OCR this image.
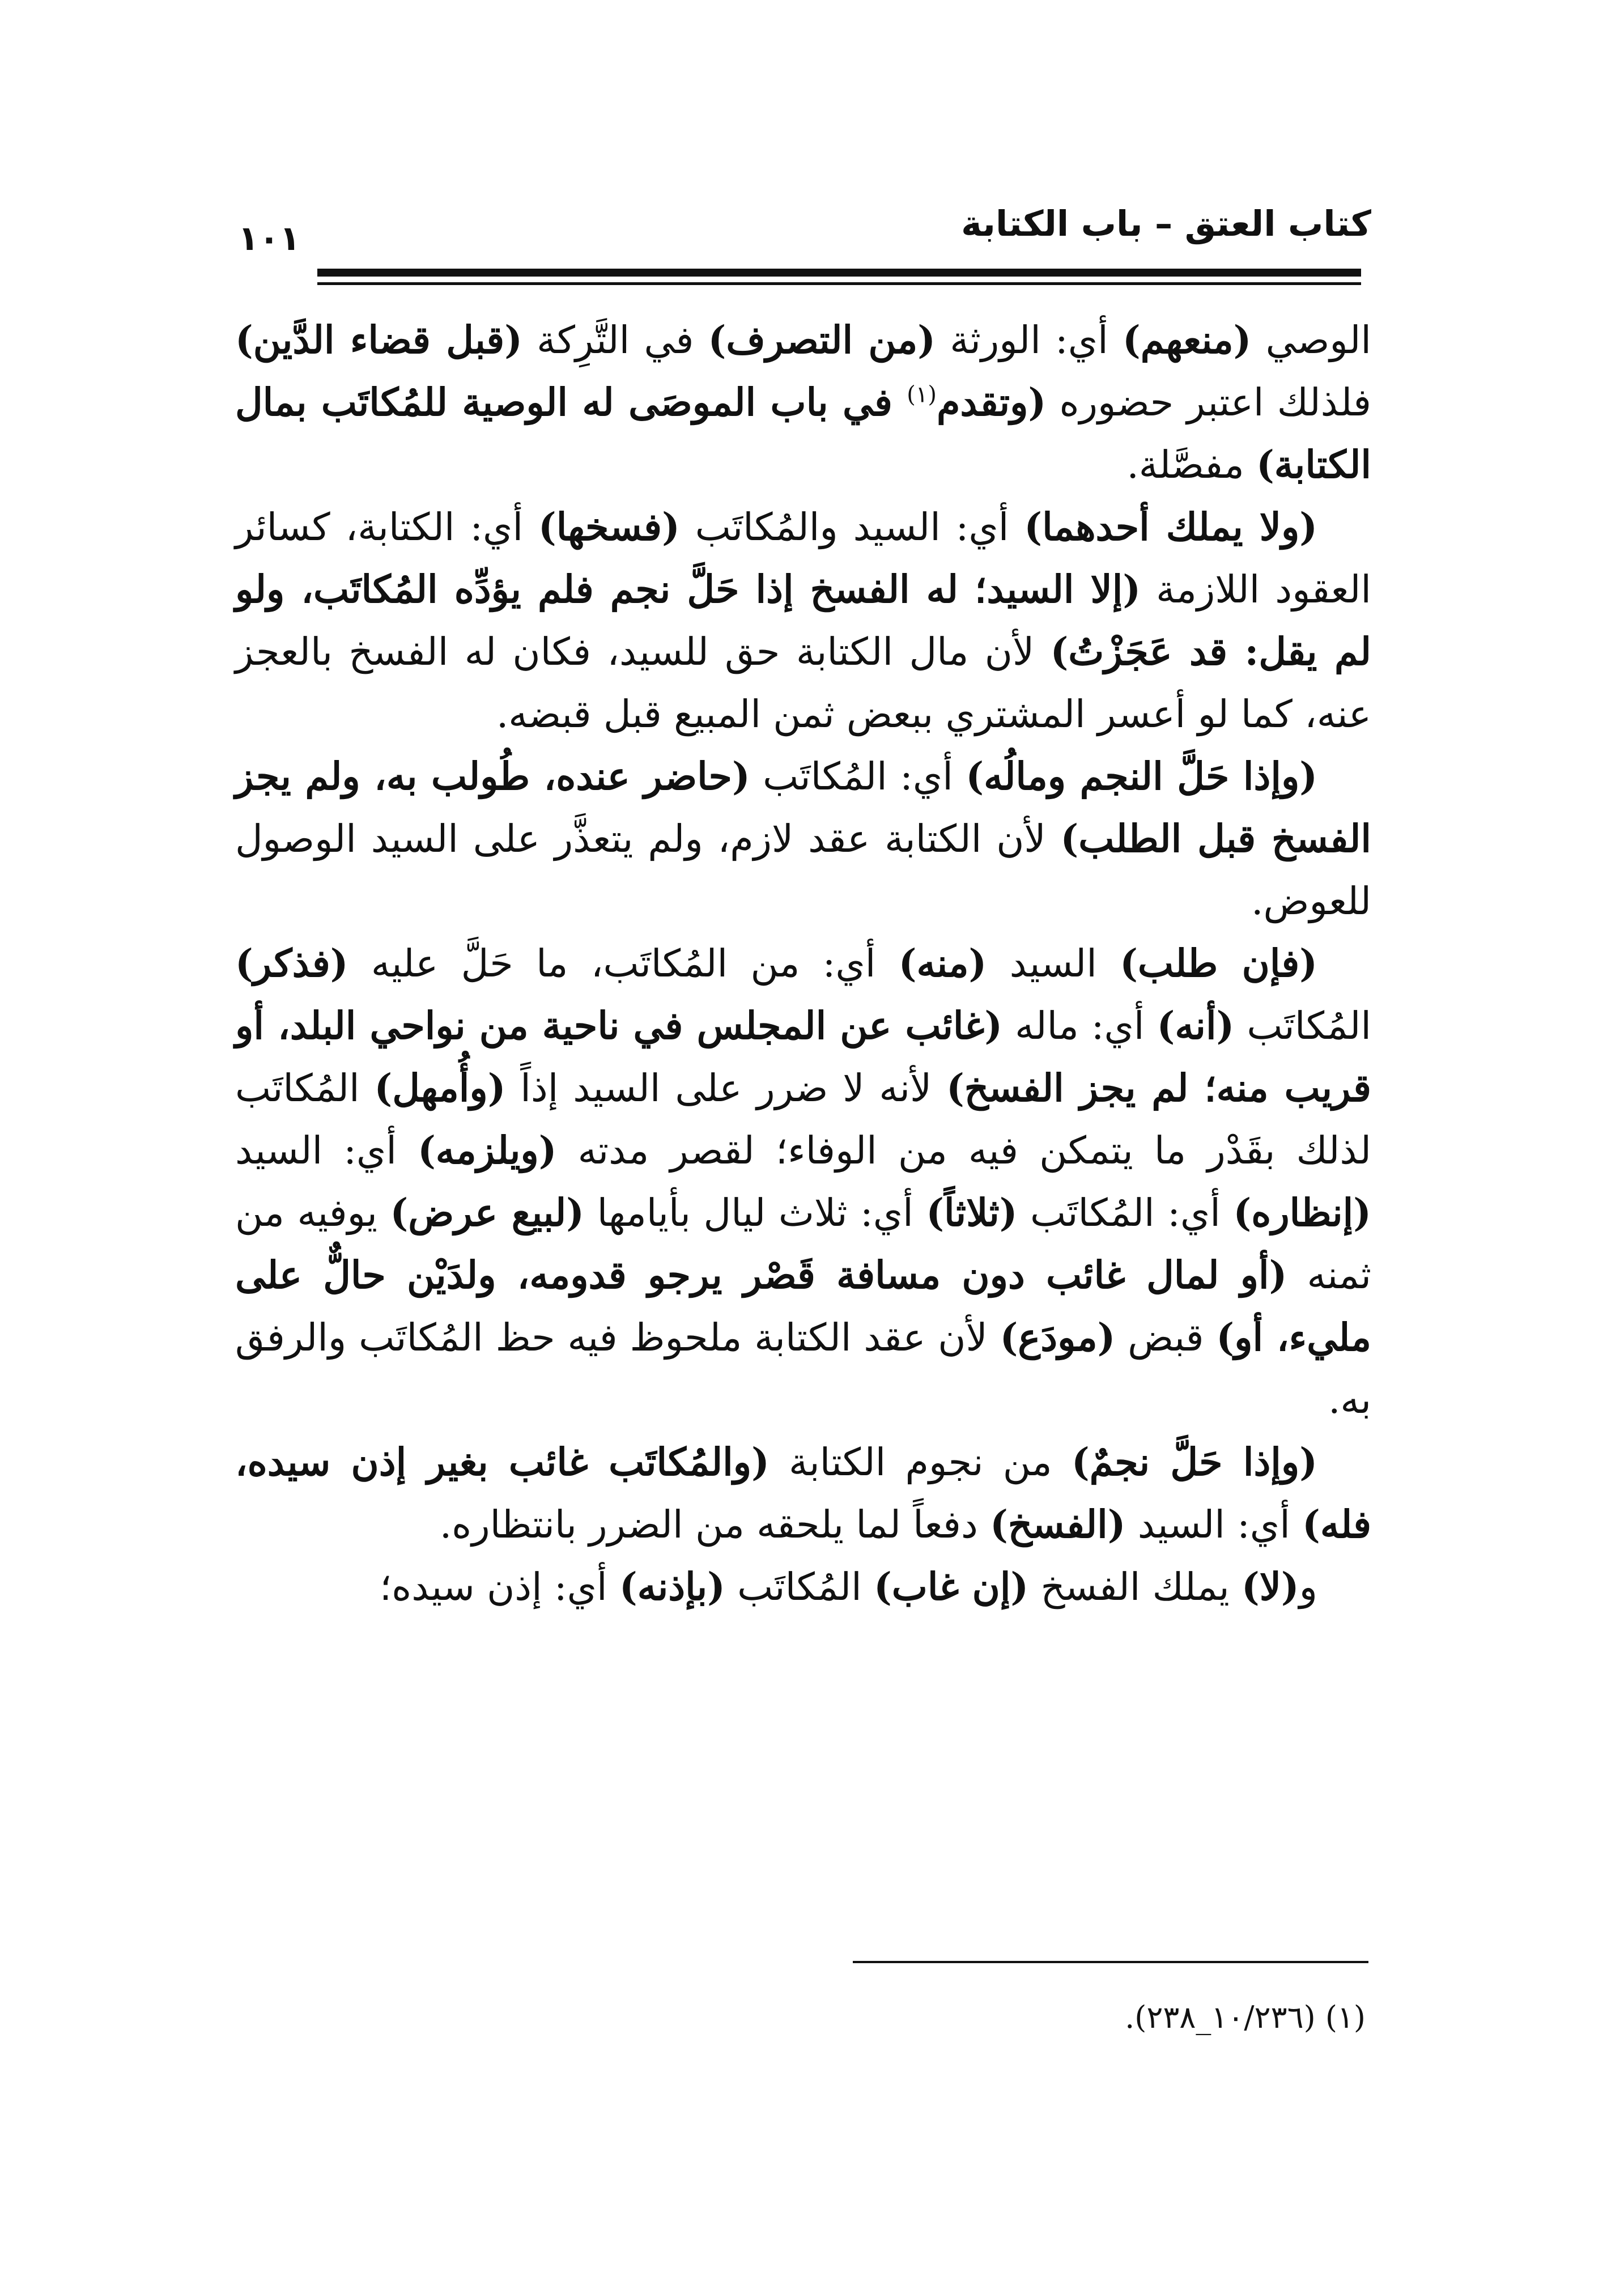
كتاب العتق – باب الكتابة
١٠١

الوصي (منعهم) أي: الورثة (من التصرف) في التَّرِكة (قبل قضاء الدَّين) فلذلك اعتبر حضوره (وتقدم$^{(١)}$ في باب الموصَى له الوصية للمُكاتَب بمال الكتابة) مفصَّلة.

(ولا يملك أحدهما) أي: السيد والمُكاتَب (فسخها) أي: الكتابة، كسائر العقود اللازمة (إلا السيد؛ له الفسخ إذا حَلَّ نجم فلم يؤدِّه المُكاتَب، ولو لم يقل: قد عَجَزْتُ) لأن مال الكتابة حق للسيد، فكان له الفسخ بالعجز عنه، كما لو أعسر المشتري ببعض ثمن المبيع قبل قبضه.

(وإذا حَلَّ النجم ومالُه) أي: المُكاتَب (حاضر عنده، طُولب به، ولم يجز الفسخ قبل الطلب) لأن الكتابة عقد لازم، ولم يتعذَّر على السيد الوصول للعوض.

(فإن طلب) السيد (منه) أي: من المُكاتَب، ما حَلَّ عليه (فذكر) المُكاتَب (أنه) أي: ماله (غائب عن المجلس في ناحية من نواحي البلد، أو قريب منه؛ لم يجز الفسخ) لأنه لا ضرر على السيد إذاً (وأُمهل) المُكاتَب لذلك بقَدْر ما يتمكن فيه من الوفاء؛ لقصر مدته (ويلزمه) أي: السيد (إنظاره) أي: المُكاتَب (ثلاثاً) أي: ثلاث ليال بأيامها (لبيع عرض) يوفيه من ثمنه (أو لمال غائب دون مسافة قَصْر يرجو قدومه، ولدَيْن حالٌّ على مليء، أو) قبض (مودَع) لأن عقد الكتابة ملحوظ فيه حظ المُكاتَب والرفق به.

(وإذا حَلَّ نجمٌ) من نجوم الكتابة (والمُكاتَب غائب بغير إذن سيده، فله) أي: السيد (الفسخ) دفعاً لما يلحقه من الضرر بانتظاره.

و(لا) يملك الفسخ (إن غاب) المُكاتَب (بإذنه) أي: إذن سيده؛

(١) (١٠/٢٣٦_٢٣٨).
